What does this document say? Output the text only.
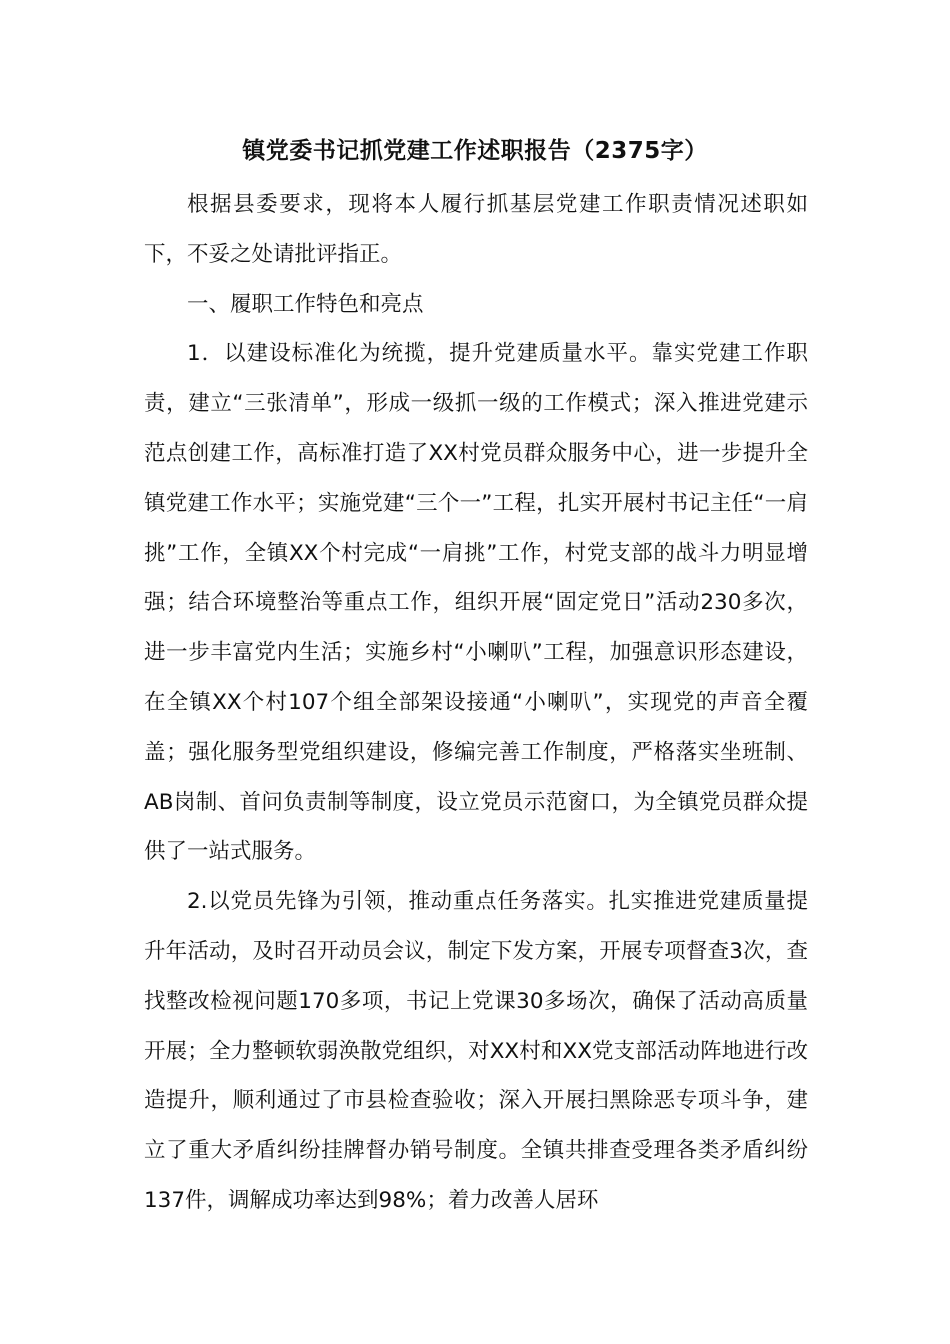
镇党委书记抓党建工作述职报告（2375字）

根据县委要求，现将本人履行抓基层党建工作职责情况述职如下，不妥之处请批评指正。

一、履职工作特色和亮点

1．以建设标准化为统揽，提升党建质量水平。靠实党建工作职责，建立“三张清单”，形成一级抓一级的工作模式；深入推进党建示范点创建工作，高标准打造了XX村党员群众服务中心，进一步提升全镇党建工作水平；实施党建“三个一”工程，扎实开展村书记主任“一肩挑”工作，全镇XX个村完成“一肩挑”工作，村党支部的战斗力明显增强；结合环境整治等重点工作，组织开展“固定党日”活动230多次，进一步丰富党内生活；实施乡村“小喇叭”工程，加强意识形态建设，在全镇XX个村107个组全部架设接通“小喇叭”，实现党的声音全覆盖；强化服务型党组织建设，修编完善工作制度，严格落实坐班制、AB岗制、首问负责制等制度，设立党员示范窗口，为全镇党员群众提供了一站式服务。

2.以党员先锋为引领，推动重点任务落实。扎实推进党建质量提升年活动，及时召开动员会议，制定下发方案，开展专项督查3次，查找整改检视问题170多项，书记上党课30多场次，确保了活动高质量开展；全力整顿软弱涣散党组织，对XX村和XX党支部活动阵地进行改造提升，顺利通过了市县检查验收；深入开展扫黑除恶专项斗争，建立了重大矛盾纠纷挂牌督办销号制度。全镇共排查受理各类矛盾纠纷137件，调解成功率达到98%；着力改善人居环
